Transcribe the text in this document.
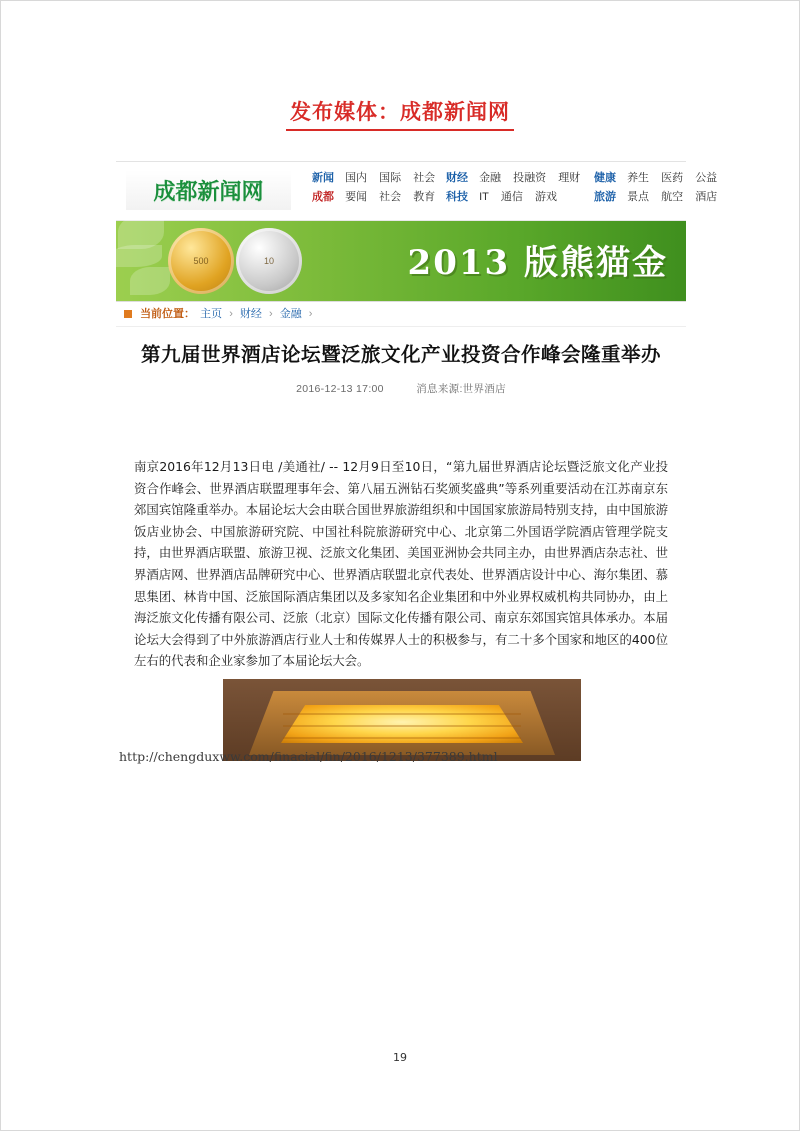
发布媒体：成都新闻网
成都新闻网
新闻 国内 国际 社会
成都 要闻 社会 教育
财经 金融 投融资 理财
科技 IT 通信 游戏
健康 养生 医药 公益
旅游 景点 航空 酒店
500	10	2013 版熊猫金
当前位置： 主页 › 财经 › 金融 ›
第九届世界酒店论坛暨泛旅文化产业投资合作峰会隆重举办
2016-12-13 17:00	消息来源:世界酒店
南京2016年12月13日电 /美通社/ -- 12月9日至10日，“第九届世界酒店论坛暨泛旅文化产业投资合作峰会、世界酒店联盟理事年会、第八届五洲钻石奖颁奖盛典”等系列重要活动在江苏南京东郊国宾馆隆重举办。本届论坛大会由联合国世界旅游组织和中国国家旅游局特别支持，由中国旅游饭店业协会、中国旅游研究院、中国社科院旅游研究中心、北京第二外国语学院酒店管理学院支持，由世界酒店联盟、旅游卫视、泛旅文化集团、美国亚洲协会共同主办，由世界酒店杂志社、世界酒店网、世界酒店品牌研究中心、世界酒店联盟北京代表处、世界酒店设计中心、海尔集团、慕思集团、林肯中国、泛旅国际酒店集团以及多家知名企业集团和中外业界权威机构共同协办，由上海泛旅文化传播有限公司、泛旅（北京）国际文化传播有限公司、南京东郊国宾馆具体承办。本届论坛大会得到了中外旅游酒店行业人士和传媒界人士的积极参与，有二十多个国家和地区的400位左右的代表和企业家参加了本届论坛大会。
http://chengduxww.com/finacial/fin/2016/1213/377389.html
19
